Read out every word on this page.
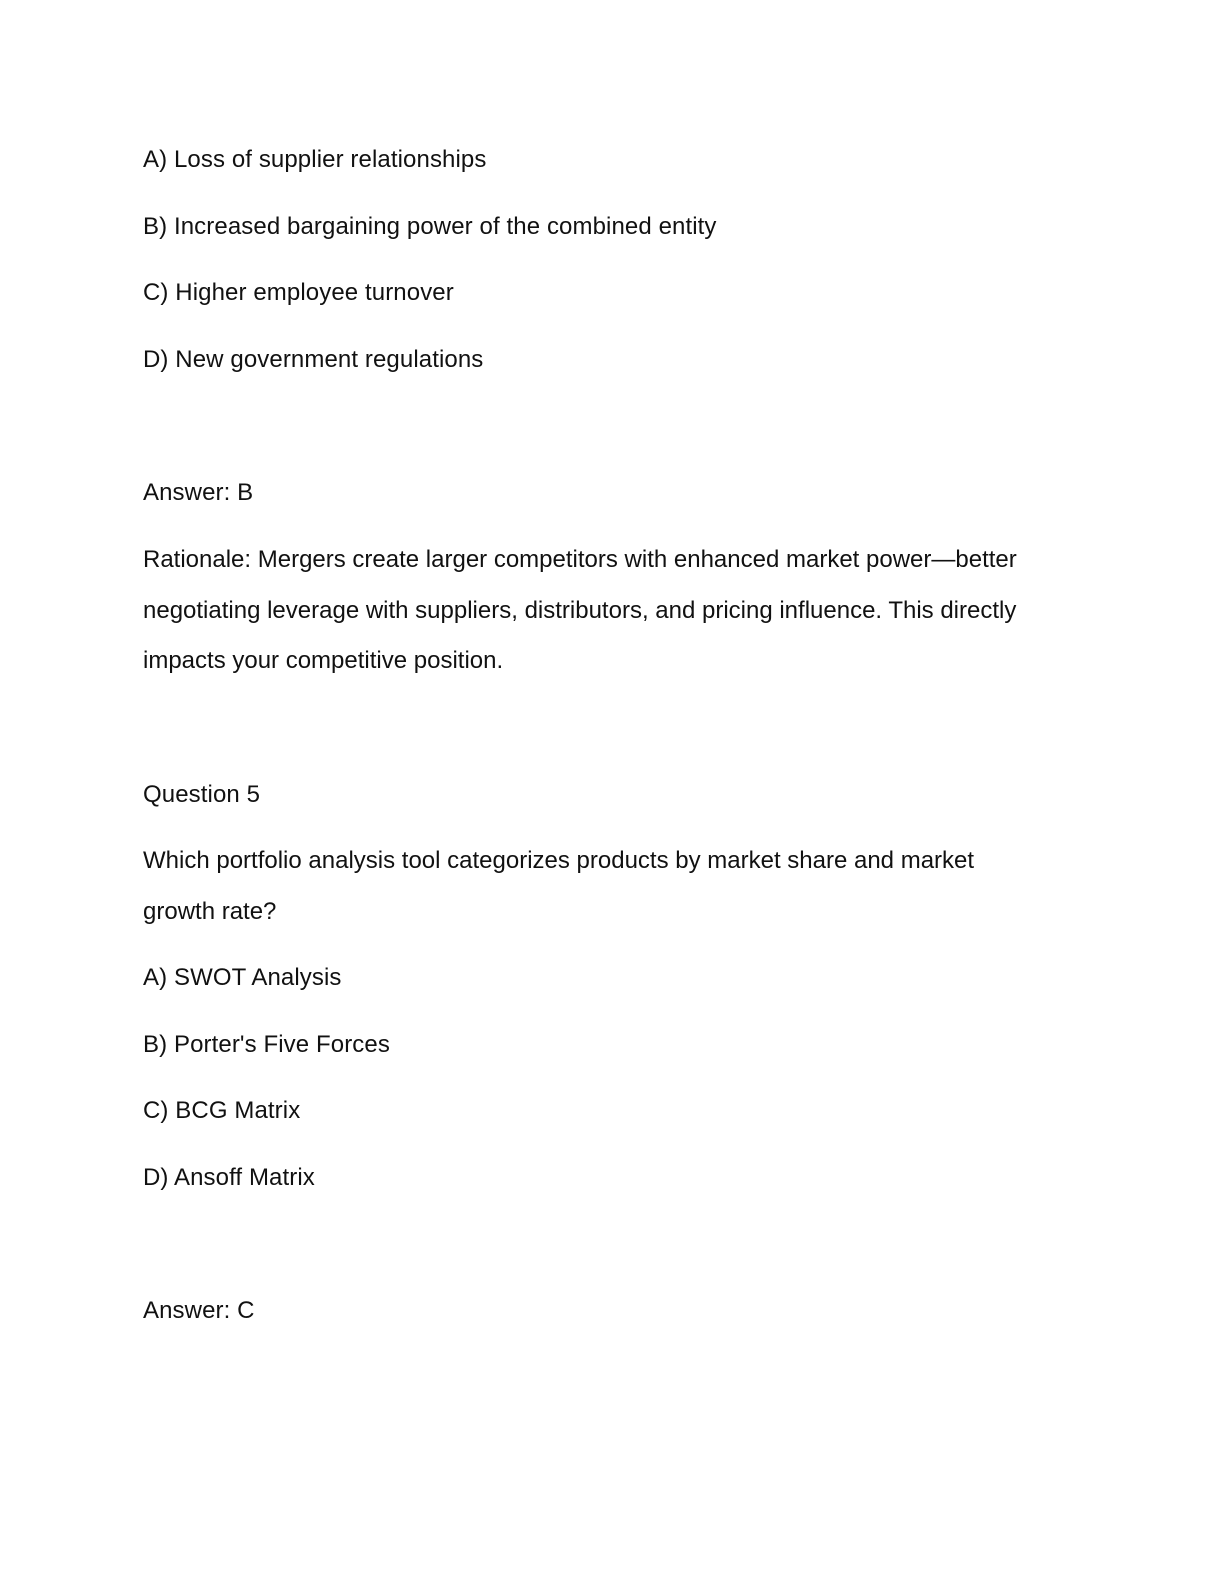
A) Loss of supplier relationships
B) Increased bargaining power of the combined entity
C) Higher employee turnover
D) New government regulations
Answer: B
Rationale: Mergers create larger competitors with enhanced market power—better negotiating leverage with suppliers, distributors, and pricing influence. This directly impacts your competitive position.
Question 5
Which portfolio analysis tool categorizes products by market share and market growth rate?
A) SWOT Analysis
B) Porter's Five Forces
C) BCG Matrix
D) Ansoff Matrix
Answer: C
